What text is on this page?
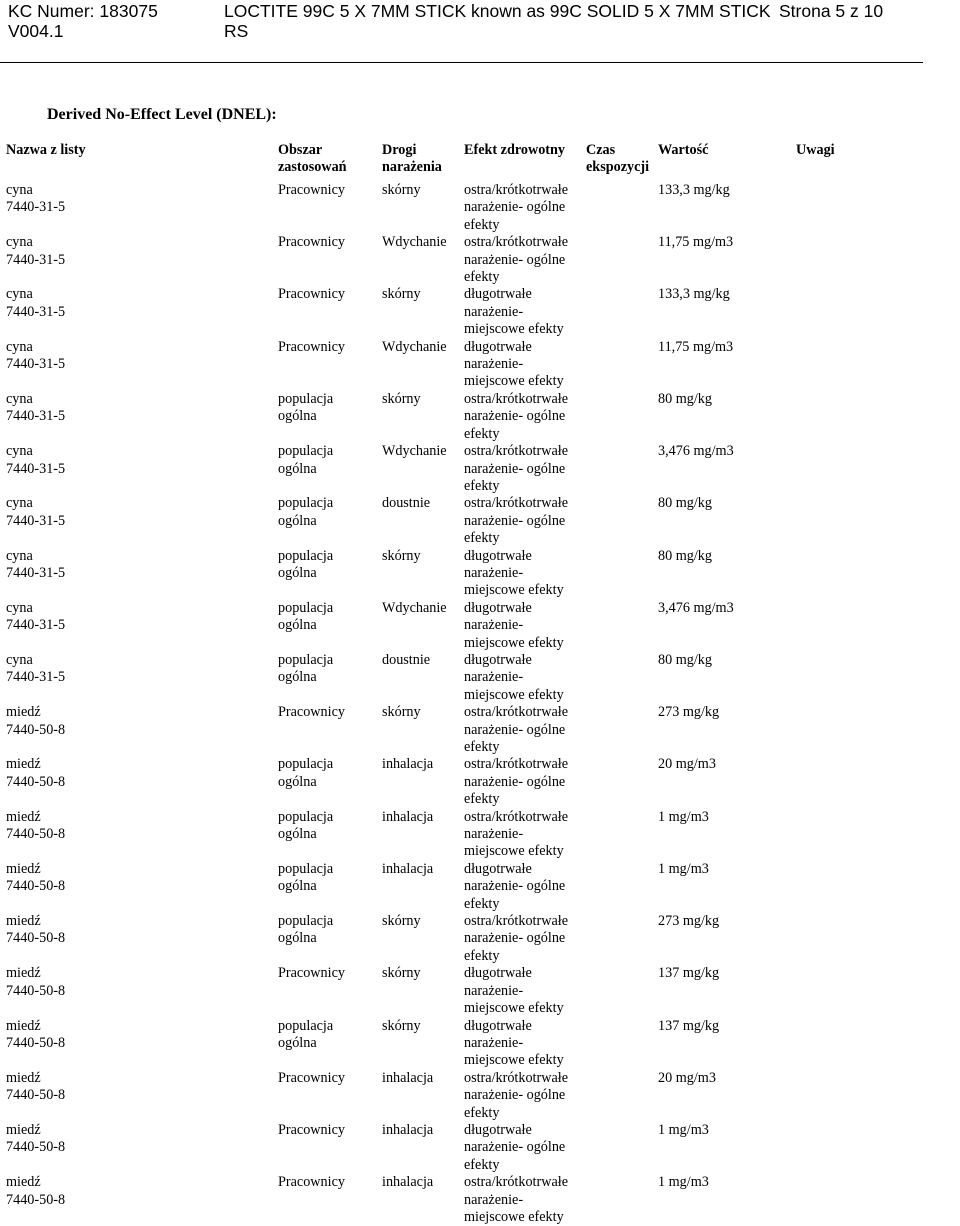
KC Numer: 183075
V004.1
LOCTITE 99C 5 X 7MM STICK known as 99C SOLID 5 X 7MM STICK
RS
Strona 5 z 10
Derived No-Effect Level (DNEL):
Nazwa z listy	Obszar
zastosowań	Drogi
narażenia	Efekt zdrowotny	Czas
ekspozycji	Wartość	Uwagi
cyna
7440-31-5	Pracownicy	skórny	ostra/krótkotrwałe
narażenie- ogólne
efekty		133,3 mg/kg	
cyna
7440-31-5	Pracownicy	Wdychanie	ostra/krótkotrwałe
narażenie- ogólne
efekty		11,75 mg/m3	
cyna
7440-31-5	Pracownicy	skórny	długotrwałe
narażenie-
miejscowe efekty		133,3 mg/kg	
cyna
7440-31-5	Pracownicy	Wdychanie	długotrwałe
narażenie-
miejscowe efekty		11,75 mg/m3	
cyna
7440-31-5	populacja
ogólna	skórny	ostra/krótkotrwałe
narażenie- ogólne
efekty		80 mg/kg	
cyna
7440-31-5	populacja
ogólna	Wdychanie	ostra/krótkotrwałe
narażenie- ogólne
efekty		3,476 mg/m3	
cyna
7440-31-5	populacja
ogólna	doustnie	ostra/krótkotrwałe
narażenie- ogólne
efekty		80 mg/kg	
cyna
7440-31-5	populacja
ogólna	skórny	długotrwałe
narażenie-
miejscowe efekty		80 mg/kg	
cyna
7440-31-5	populacja
ogólna	Wdychanie	długotrwałe
narażenie-
miejscowe efekty		3,476 mg/m3	
cyna
7440-31-5	populacja
ogólna	doustnie	długotrwałe
narażenie-
miejscowe efekty		80 mg/kg	
miedź
7440-50-8	Pracownicy	skórny	ostra/krótkotrwałe
narażenie- ogólne
efekty		273 mg/kg	
miedź
7440-50-8	populacja
ogólna	inhalacja	ostra/krótkotrwałe
narażenie- ogólne
efekty		20 mg/m3	
miedź
7440-50-8	populacja
ogólna	inhalacja	ostra/krótkotrwałe
narażenie-
miejscowe efekty		1 mg/m3	
miedź
7440-50-8	populacja
ogólna	inhalacja	długotrwałe
narażenie- ogólne
efekty		1 mg/m3	
miedź
7440-50-8	populacja
ogólna	skórny	ostra/krótkotrwałe
narażenie- ogólne
efekty		273 mg/kg	
miedź
7440-50-8	Pracownicy	skórny	długotrwałe
narażenie-
miejscowe efekty		137 mg/kg	
miedź
7440-50-8	populacja
ogólna	skórny	długotrwałe
narażenie-
miejscowe efekty		137 mg/kg	
miedź
7440-50-8	Pracownicy	inhalacja	ostra/krótkotrwałe
narażenie- ogólne
efekty		20 mg/m3	
miedź
7440-50-8	Pracownicy	inhalacja	długotrwałe
narażenie- ogólne
efekty		1 mg/m3	
miedź
7440-50-8	Pracownicy	inhalacja	ostra/krótkotrwałe
narażenie-
miejscowe efekty		1 mg/m3	
